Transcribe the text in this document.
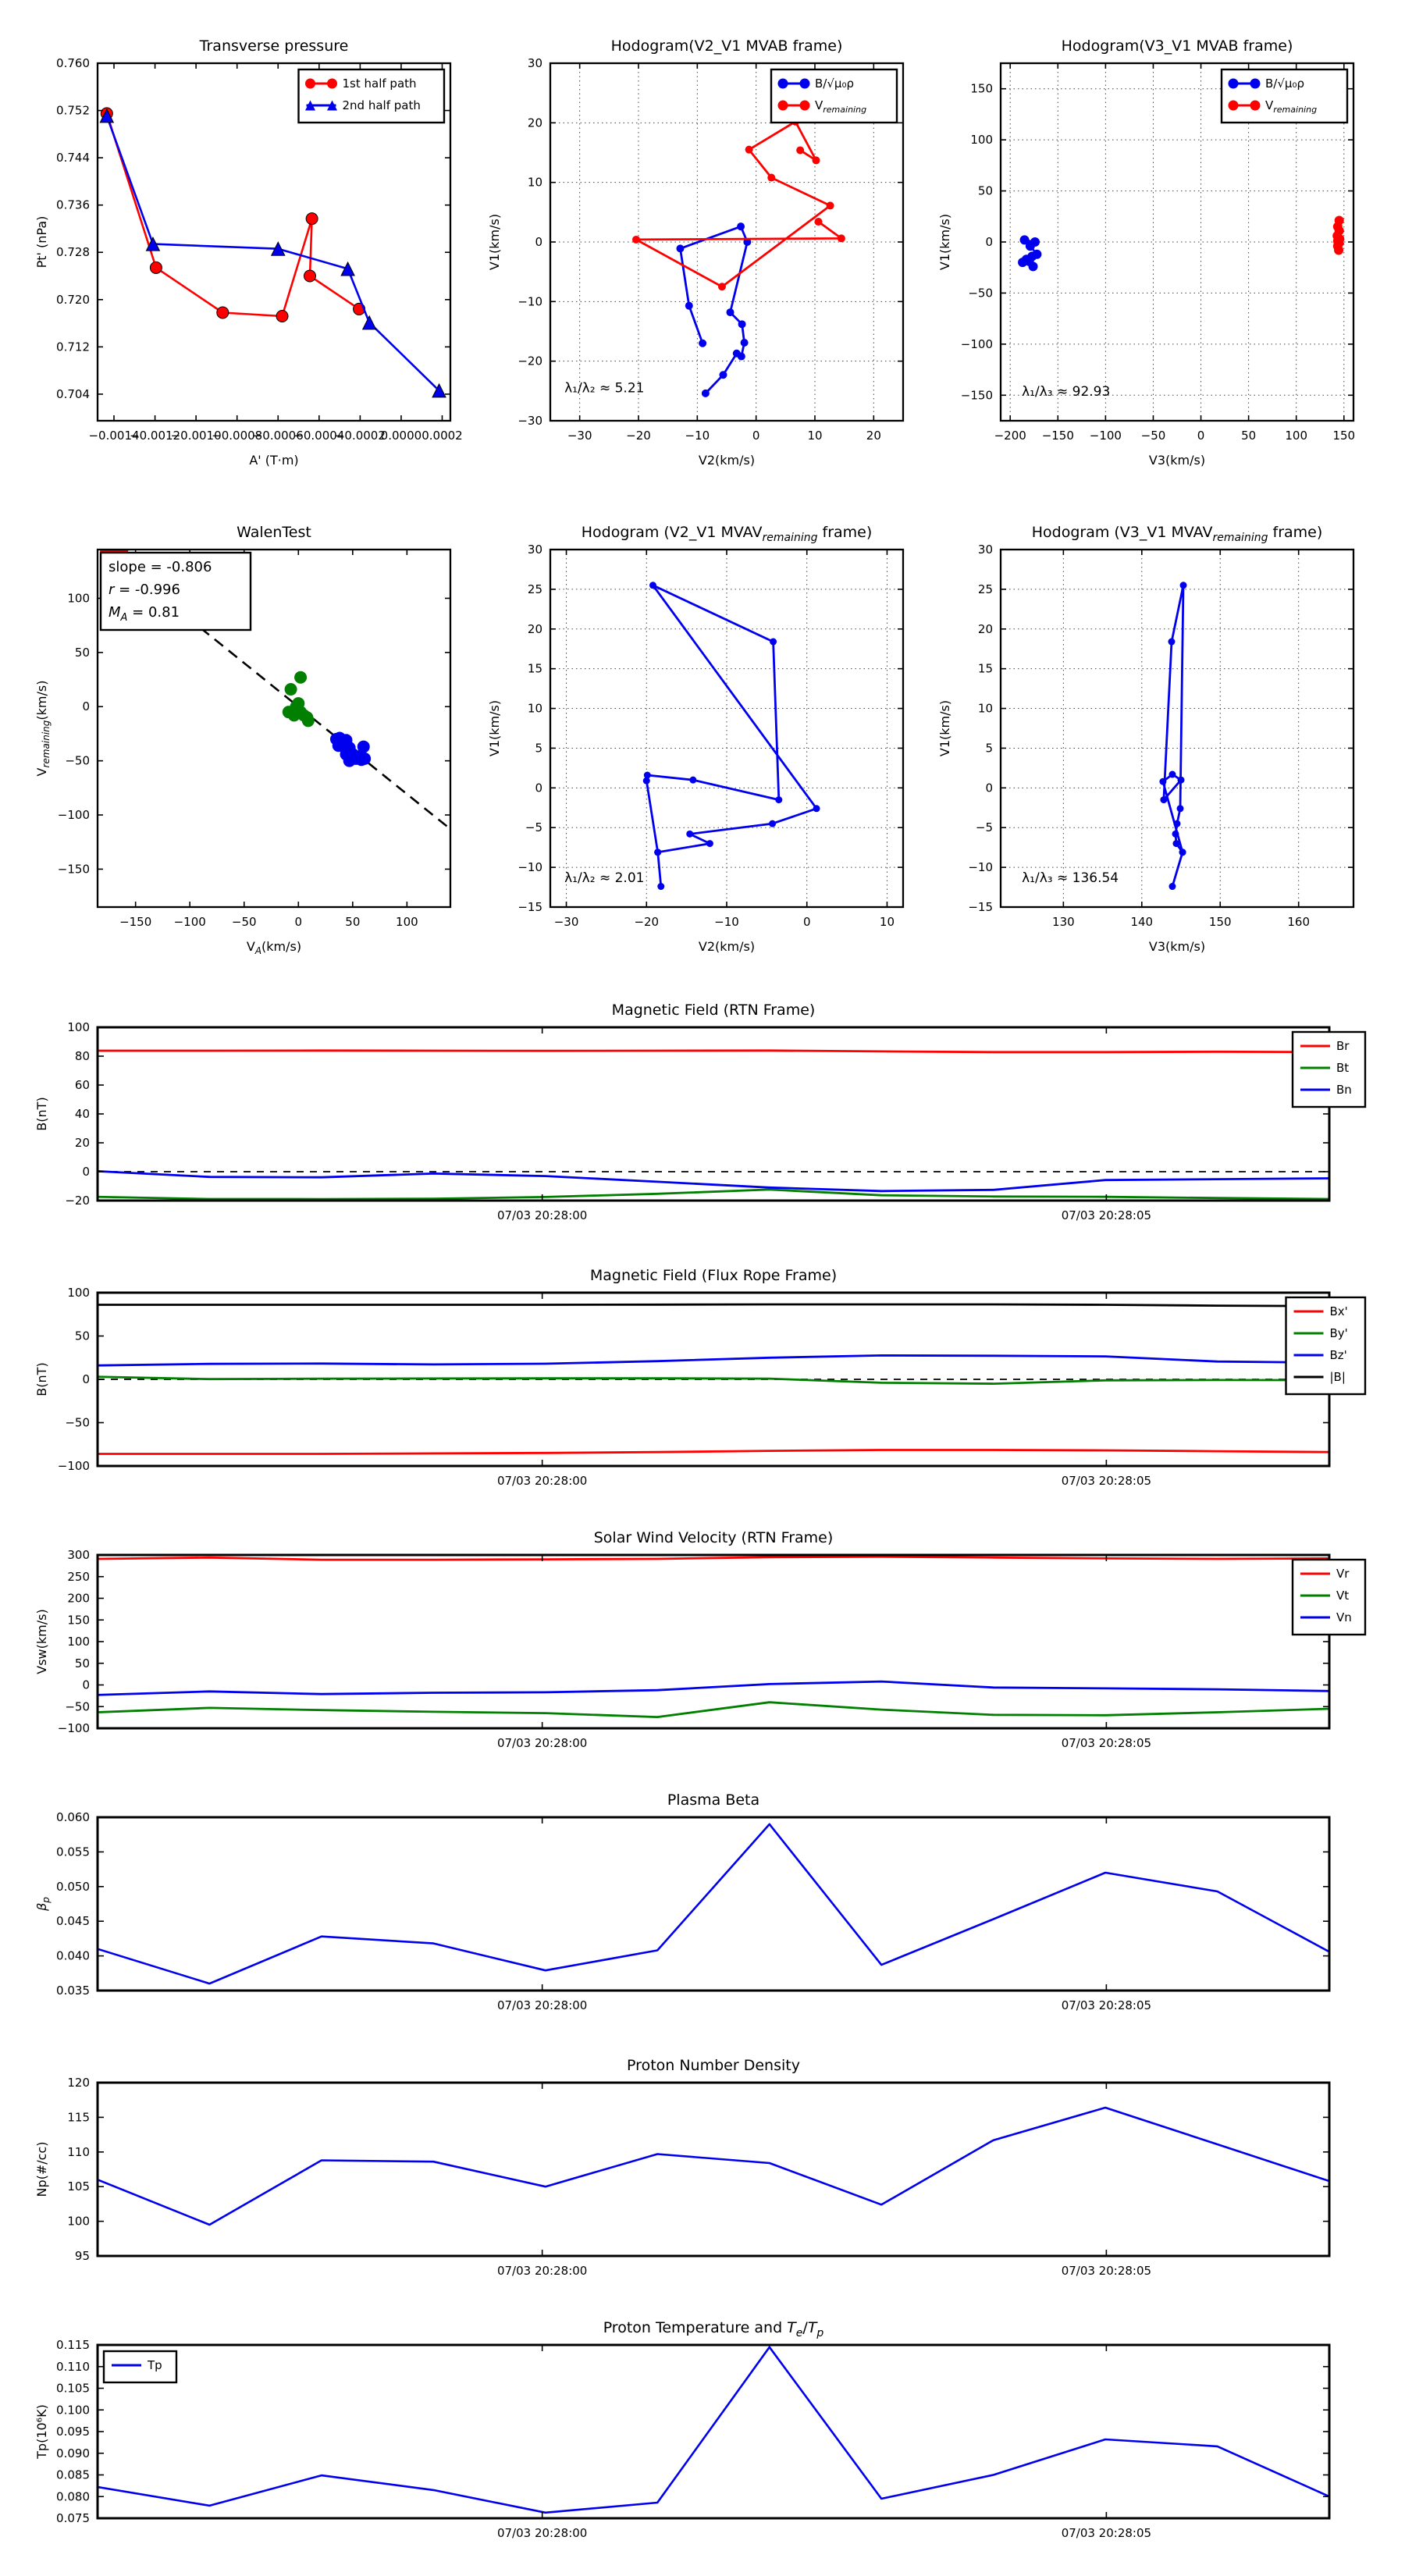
−0.0014
−0.0012
−0.0010
−0.0008
−0.0006
−0.0004
−0.0002
0.0000 0.0002
0.704
0.712
0.720
0.728
0.736
0.744
0.752
0.760
Transverse pressure
A' (T·m)
Pt' (nPa)
1st half path
2nd half path
−30	−20	−10	0	10	20
−30
−20
−10
0
10
20
30
Hodogram(V2_V1 MVAB frame)
V2(km/s)
V1(km/s)
λ₁/λ₂ ≈ 5.21
B/√μ₀ρ
$V_{remaining}$
−200 −150 −100 −50	0	50 100 150
−150
−100
−50
0
50
100
150
Hodogram(V3_V1 MVAB frame)
V3(km/s)
V1(km/s)
λ₁/λ₃ ≈ 92.93
B/√μ₀ρ
$V_{remaining}$
−150 −100 −50	0	50	100
−150
−100
−50
0
50
100
WalenTest
$V_A(km/s)$
$V_{remaining}(km/s)$
slope = -0.806
r = -0.996
$M_A = 0.81$
−30	−20	−10	0	10
−15
−10
−5
0
5
10
15
20
25
30
Hodogram (V2_V1 $MVAV_{remaining}$ frame)
V2(km/s)
V1(km/s)
λ₁/λ₂ ≈ 2.01
130	140	150	160
−15
−10
−5
0
5
10
15
20
25
30
Hodogram (V3_V1 $MVAV_{remaining}$ frame)
V3(km/s)
V1(km/s)
λ₁/λ₃ ≈ 136.54
07/03 20:28:00	07/03 20:28:05
−20
0
20
40
60
80
100
Magnetic Field (RTN Frame)
B(nT)
Br
Bt
Bn
07/03 20:28:00	07/03 20:28:05
−100
−50
0
50
100
Magnetic Field (Flux Rope Frame)
B(nT)
Bx'
By'
Bz'
|B|
07/03 20:28:00	07/03 20:28:05
−100
−50
0
50
100
150
200
250
300
Solar Wind Velocity (RTN Frame)
Vsw(km/s)
Vr
Vt
Vn
07/03 20:28:00	07/03 20:28:05
0.035
0.040
0.045
0.050
0.055
0.060
Plasma Beta
$\beta_p$
07/03 20:28:00	07/03 20:28:05
95
100
105
110
115
120
Proton Number Density
Np(#/cc)
07/03 20:28:00	07/03 20:28:05
0.075
0.080
0.085
0.090
0.095
0.100
0.105
0.110
0.115
Proton Temperature and $T_e/T_p$
Tp(10⁶K)
Tp
